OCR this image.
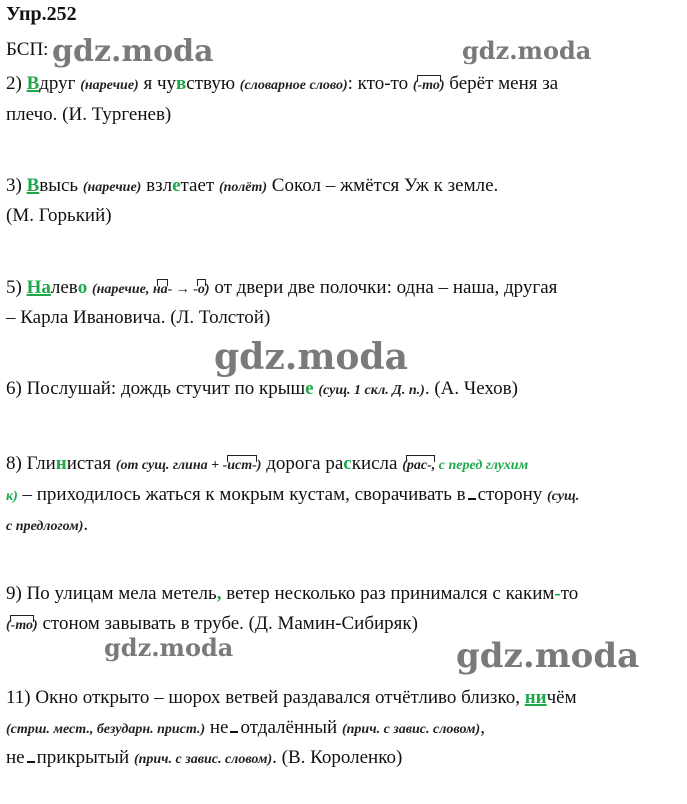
Упр.252
БСП: gdz.moda	gdz.moda
2) Вдруг (наречие) я чувствую (словарное слово): кто-то (-то) берёт меня за
плечо. (И. Тургенев)
3) Ввысь (наречие) взлетает (полёт) Сокол – жмётся Уж к земле.
(М. Горький)
5) Налево (наречие, на- → -о) от двери две полочки: одна – наша, другая
– Карла Ивановича. (Л. Толстой)
gdz.moda
6) Послушай: дождь стучит по крыше (сущ. 1 скл. Д. п.). (А. Чехов)
8) Глинистая (от сущ. глина + -ист-) дорога раскисла (рас-, с перед глухим
к) – приходилось жаться к мокрым кустам, сворачивать в сторону (сущ.
с предлогом).
9) По улицам мела метель, ветер несколько раз принимался с каким-то
(-то) стоном завывать в трубе. (Д. Мамин-Сибиряк)
gdz.moda	gdz.moda
11) Окно открыто – шорох ветвей раздавался отчётливо близко, ничём
(стрш. мест., безударн. прист.) не отдалённый (прич. с завис. словом),
не прикрытый (прич. с завис. словом). (В. Короленко)
